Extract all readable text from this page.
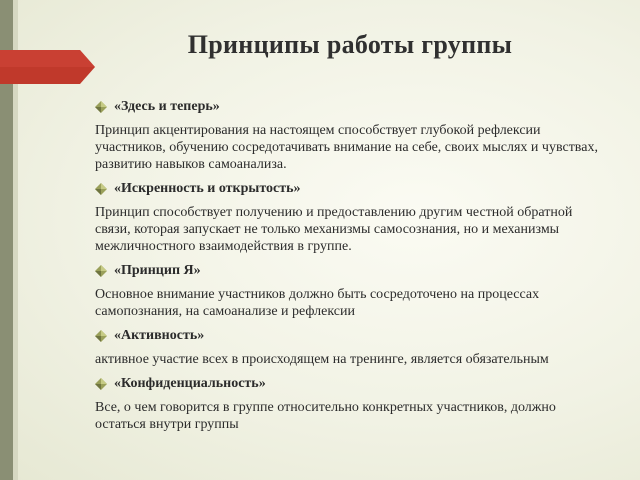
Принципы работы группы
«Здесь и теперь»
Принцип акцентирования на настоящем способствует глубокой рефлексии участников, обучению сосредотачивать внимание на себе, своих мыслях и чувствах, развитию навыков самоанализа.
«Искренность и открытость»
Принцип способствует получению и предоставлению другим честной обратной связи, которая запускает не только механизмы самосознания, но и механизмы межличностного взаимодействия в группе.
«Принцип Я»
Основное внимание участников должно быть сосредоточено на процессах самопознания, на самоанализе и рефлексии
«Активность»
активное участие всех в происходящем на тренинге, является обязательным
«Конфиденциальность»
Все, о чем говорится в группе относительно конкретных участников, должно остаться внутри группы
